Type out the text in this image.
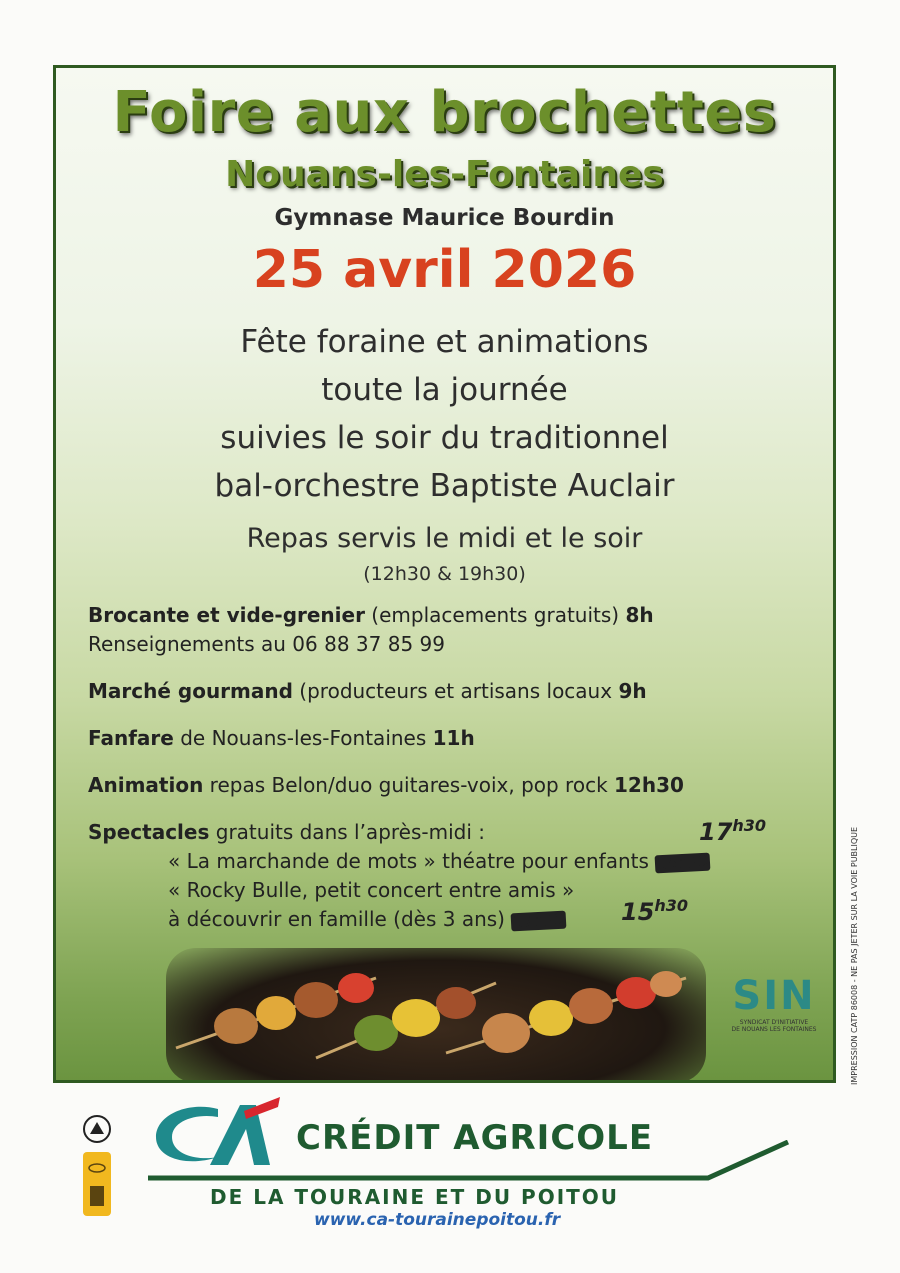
Foire aux brochettes
Nouans-les-Fontaines
Gymnase Maurice Bourdin
25 avril 2026
Fête foraine et animations
toute la journée
suivies le soir du traditionnel
bal-orchestre Baptiste Auclair
Repas servis le midi et le soir
(12h30 & 19h30)
Brocante et vide-grenier (emplacements gratuits) 8h
Renseignements au 06 88 37 85 99
Marché gourmand (producteurs et artisans locaux 9h
Fanfare de Nouans-les-Fontaines 11h
Animation repas Belon/duo guitares-voix, pop rock 12h30
Spectacles gratuits dans l’après-midi :
« La marchande de mots » théatre pour enfants 15h30
« Rocky Bulle, petit concert entre amis »
à découvrir en famille (dès 3 ans) 17h30
$17^{h30}$
$15^{h30}$
SIN
SYNDICAT D'INITIATIVE
DE NOUANS LES FONTAINES	IMPRESSION CATP 86008 - NE PAS JETER SUR LA VOIE PUBLIQUE
CRÉDIT AGRICOLE
DE LA TOURAINE ET DU POITOU
www.ca-tourainepoitou.fr
